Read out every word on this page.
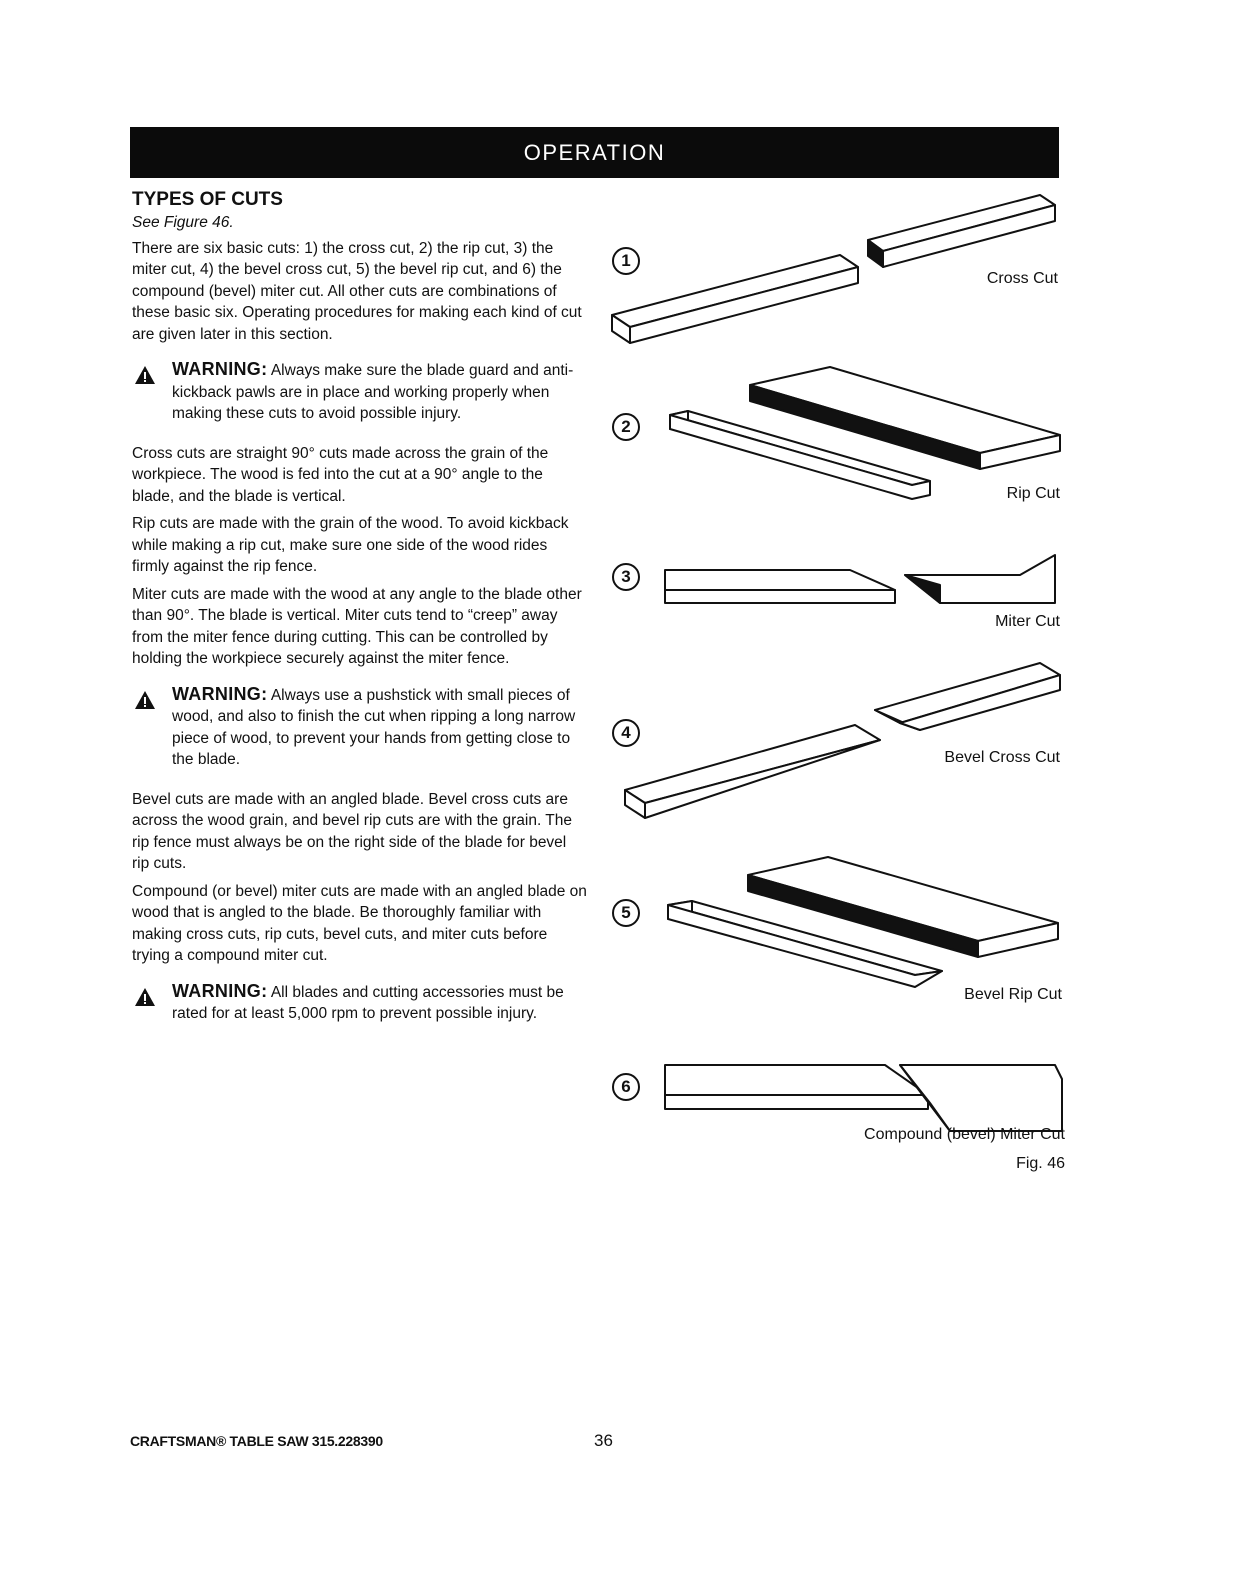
OPERATION
TYPES OF CUTS

See Figure 46.

There are six basic cuts: 1) the cross cut, 2) the rip cut, 3) the miter cut, 4) the bevel cross cut, 5) the bevel rip cut, and 6) the compound (bevel) miter cut. All other cuts are combinations of these basic six. Operating procedures for making each kind of cut are given later in this section.

WARNING: Always make sure the blade guard and anti-kickback pawls are in place and working properly when making these cuts to avoid possible injury.

Cross cuts are straight 90° cuts made across the grain of the workpiece. The wood is fed into the cut at a 90° angle to the blade, and the blade is vertical.

Rip cuts are made with the grain of the wood. To avoid kickback while making a rip cut, make sure one side of the wood rides firmly against the rip fence.

Miter cuts are made with the wood at any angle to the blade other than 90°. The blade is vertical. Miter cuts tend to “creep” away from the miter fence during cutting. This can be controlled by holding the workpiece securely against the miter fence.

WARNING: Always use a pushstick with small pieces of wood, and also to finish the cut when ripping a long narrow piece of wood, to prevent your hands from getting close to the blade.

Bevel cuts are made with an angled blade. Bevel cross cuts are across the wood grain, and bevel rip cuts are with the grain. The rip fence must always be on the right side of the blade for bevel rip cuts.

Compound (or bevel) miter cuts are made with an angled blade on wood that is angled to the blade. Be thoroughly familiar with making cross cuts, rip cuts, bevel cuts, and miter cuts before trying a compound miter cut.

WARNING: All blades and cutting accessories must be rated for at least 5,000 rpm to prevent possible injury.
1
2
3
4
5
6
Cross Cut
Rip Cut
Miter Cut
Bevel Cross Cut
Bevel Rip Cut
Compound (bevel) Miter Cut
Fig. 46
CRAFTSMAN® TABLE SAW 315.228390	36
